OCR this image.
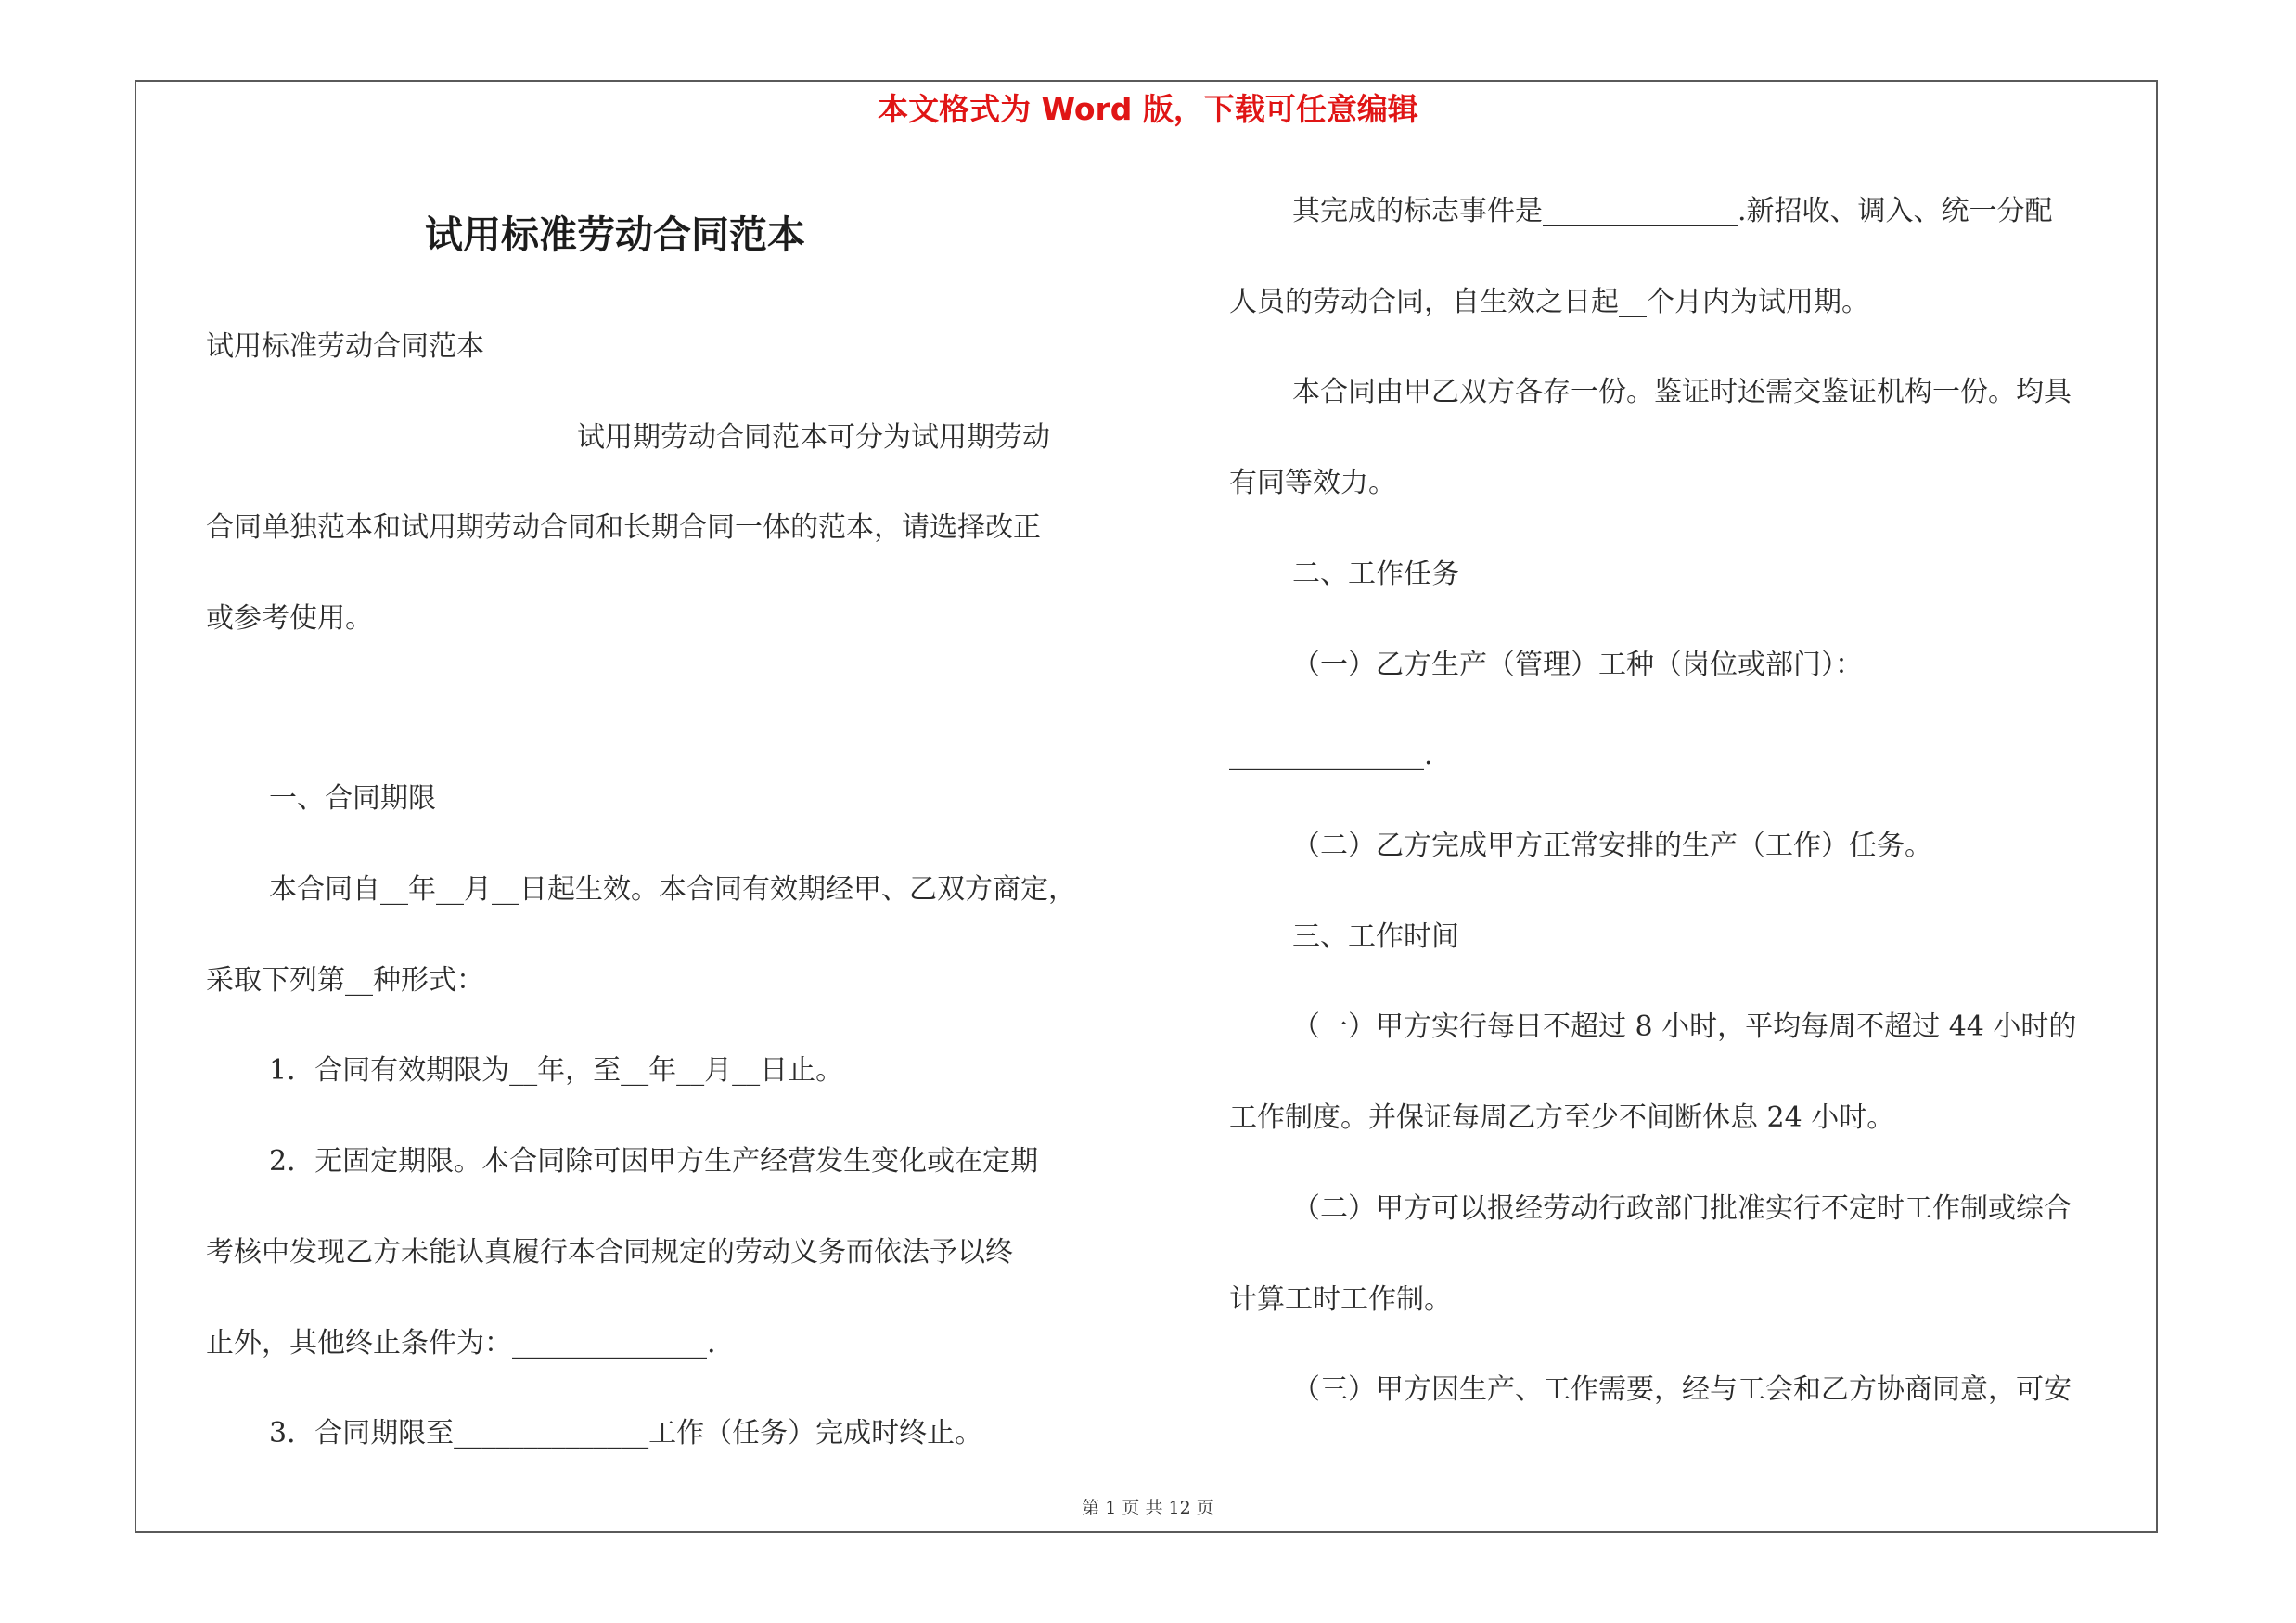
本文格式为 Word 版，下载可任意编辑
试用标准劳动合同范本
试用标准劳动合同范本
试用期劳动合同范本可分为试用期劳动
合同单独范本和试用期劳动合同和长期合同一体的范本，请选择改正
或参考使用。
一、合同期限
本合同自__年__月__日起生效。本合同有效期经甲、乙双方商定，
采取下列第__种形式：
1．合同有效期限为__年，至__年__月__日止。
2．无固定期限。本合同除可因甲方生产经营发生变化或在定期
考核中发现乙方未能认真履行本合同规定的劳动义务而依法予以终
止外，其他终止条件为：______________.
3．合同期限至______________工作（任务）完成时终止。
其完成的标志事件是______________.新招收、调入、统一分配
人员的劳动合同，自生效之日起__个月内为试用期。
本合同由甲乙双方各存一份。鉴证时还需交鉴证机构一份。均具
有同等效力。
二、工作任务
（一）乙方生产（管理）工种（岗位或部门）：
______________.
（二）乙方完成甲方正常安排的生产（工作）任务。
三、工作时间
（一）甲方实行每日不超过 8 小时，平均每周不超过 44 小时的
工作制度。并保证每周乙方至少不间断休息 24 小时。
（二）甲方可以报经劳动行政部门批准实行不定时工作制或综合
计算工时工作制。
（三）甲方因生产、工作需要，经与工会和乙方协商同意，可安
第 1 页 共 12 页
